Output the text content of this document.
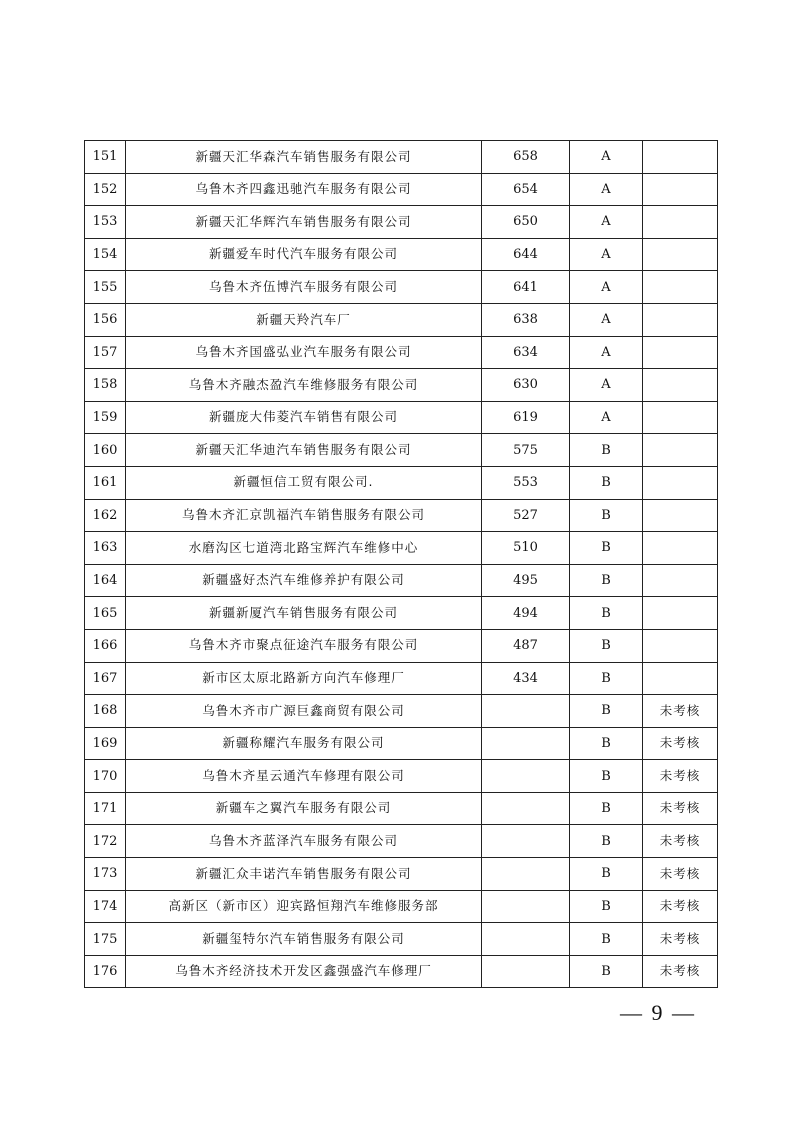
151	新疆天汇华森汽车销售服务有限公司	658	A	
152	乌鲁木齐四鑫迅驰汽车服务有限公司	654	A	
153	新疆天汇华辉汽车销售服务有限公司	650	A	
154	新疆爱车时代汽车服务有限公司	644	A	
155	乌鲁木齐伍博汽车服务有限公司	641	A	
156	新疆天羚汽车厂	638	A	
157	乌鲁木齐国盛弘业汽车服务有限公司	634	A	
158	乌鲁木齐融杰盈汽车维修服务有限公司	630	A	
159	新疆庞大伟菱汽车销售有限公司	619	A	
160	新疆天汇华迪汽车销售服务有限公司	575	B	
161	新疆恒信工贸有限公司.	553	B	
162	乌鲁木齐汇京凯福汽车销售服务有限公司	527	B	
163	水磨沟区七道湾北路宝辉汽车维修中心	510	B	
164	新疆盛好杰汽车维修养护有限公司	495	B	
165	新疆新厦汽车销售服务有限公司	494	B	
166	乌鲁木齐市聚点征途汽车服务有限公司	487	B	
167	新市区太原北路新方向汽车修理厂	434	B	
168	乌鲁木齐市广源巨鑫商贸有限公司		B	未考核
169	新疆称耀汽车服务有限公司		B	未考核
170	乌鲁木齐星云通汽车修理有限公司		B	未考核
171	新疆车之翼汽车服务有限公司		B	未考核
172	乌鲁木齐蓝泽汽车服务有限公司		B	未考核
173	新疆汇众丰诺汽车销售服务有限公司		B	未考核
174	高新区（新市区）迎宾路恒翔汽车维修服务部		B	未考核
175	新疆玺特尔汽车销售服务有限公司		B	未考核
176	乌鲁木齐经济技术开发区鑫强盛汽车修理厂		B	未考核
— 9 —
